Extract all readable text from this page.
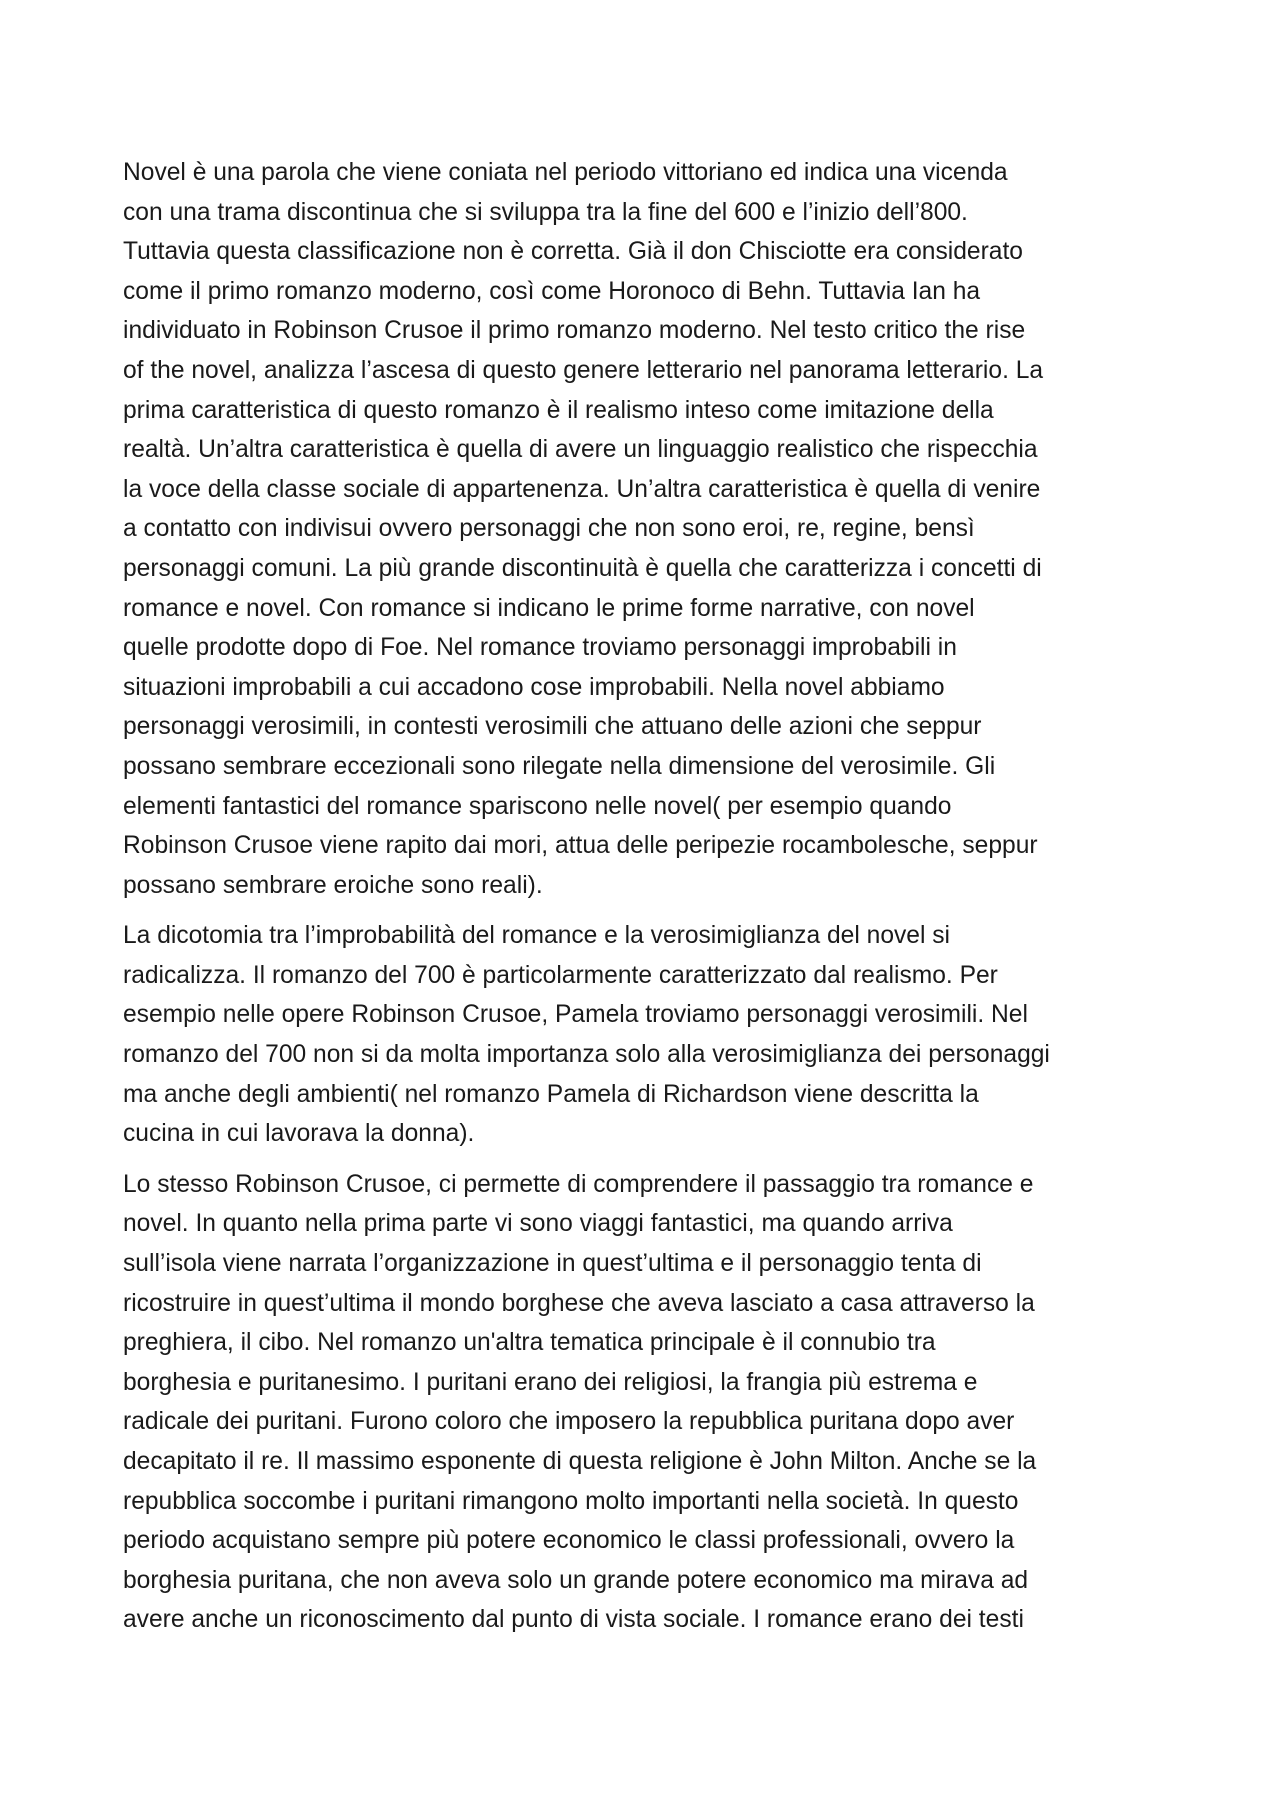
Novel è una parola che viene coniata nel periodo vittoriano ed indica una vicenda
con una trama discontinua che si sviluppa tra la fine del 600 e l’inizio dell’800.
Tuttavia questa classificazione non è corretta. Già il don Chisciotte era considerato
come il primo romanzo moderno, così come Horonoco di Behn. Tuttavia Ian ha
individuato in Robinson Crusoe il primo romanzo moderno. Nel testo critico the rise
of the novel, analizza l’ascesa di questo genere letterario nel panorama letterario. La
prima caratteristica di questo romanzo è il realismo inteso come imitazione della
realtà. Un’altra caratteristica è quella di avere un linguaggio realistico che rispecchia
la voce della classe sociale di appartenenza. Un’altra caratteristica è quella di venire
a contatto con indivisui ovvero personaggi che non sono eroi, re, regine, bensì
personaggi comuni. La più grande discontinuità è quella che caratterizza i concetti di
romance e novel. Con romance si indicano le prime forme narrative, con novel
quelle prodotte dopo di Foe. Nel romance troviamo personaggi improbabili in
situazioni improbabili a cui accadono cose improbabili. Nella novel abbiamo
personaggi verosimili, in contesti verosimili che attuano delle azioni che seppur
possano sembrare eccezionali sono rilegate nella dimensione del verosimile. Gli
elementi fantastici del romance spariscono nelle novel( per esempio quando
Robinson Crusoe viene rapito dai mori, attua delle peripezie rocambolesche, seppur
possano sembrare eroiche sono reali).
La dicotomia tra l’improbabilità del romance e la verosimiglianza del novel si
radicalizza. Il romanzo del 700 è particolarmente caratterizzato dal realismo. Per
esempio nelle opere Robinson Crusoe, Pamela troviamo personaggi verosimili. Nel
romanzo del 700 non si da molta importanza solo alla verosimiglianza dei personaggi
ma anche degli ambienti( nel romanzo Pamela di Richardson viene descritta la
cucina in cui lavorava la donna).
Lo stesso Robinson Crusoe, ci permette di comprendere il passaggio tra romance e
novel. In quanto nella prima parte vi sono viaggi fantastici, ma quando arriva
sull’isola viene narrata l’organizzazione in quest’ultima e il personaggio tenta di
ricostruire in quest’ultima il mondo borghese che aveva lasciato a casa attraverso la
preghiera, il cibo. Nel romanzo un'altra tematica principale è il connubio tra
borghesia e puritanesimo. I puritani erano dei religiosi, la frangia più estrema e
radicale dei puritani. Furono coloro che imposero la repubblica puritana dopo aver
decapitato il re. Il massimo esponente di questa religione è John Milton. Anche se la
repubblica soccombe i puritani rimangono molto importanti nella società. In questo
periodo acquistano sempre più potere economico le classi professionali, ovvero la
borghesia puritana, che non aveva solo un grande potere economico ma mirava ad
avere anche un riconoscimento dal punto di vista sociale. I romance erano dei testi
